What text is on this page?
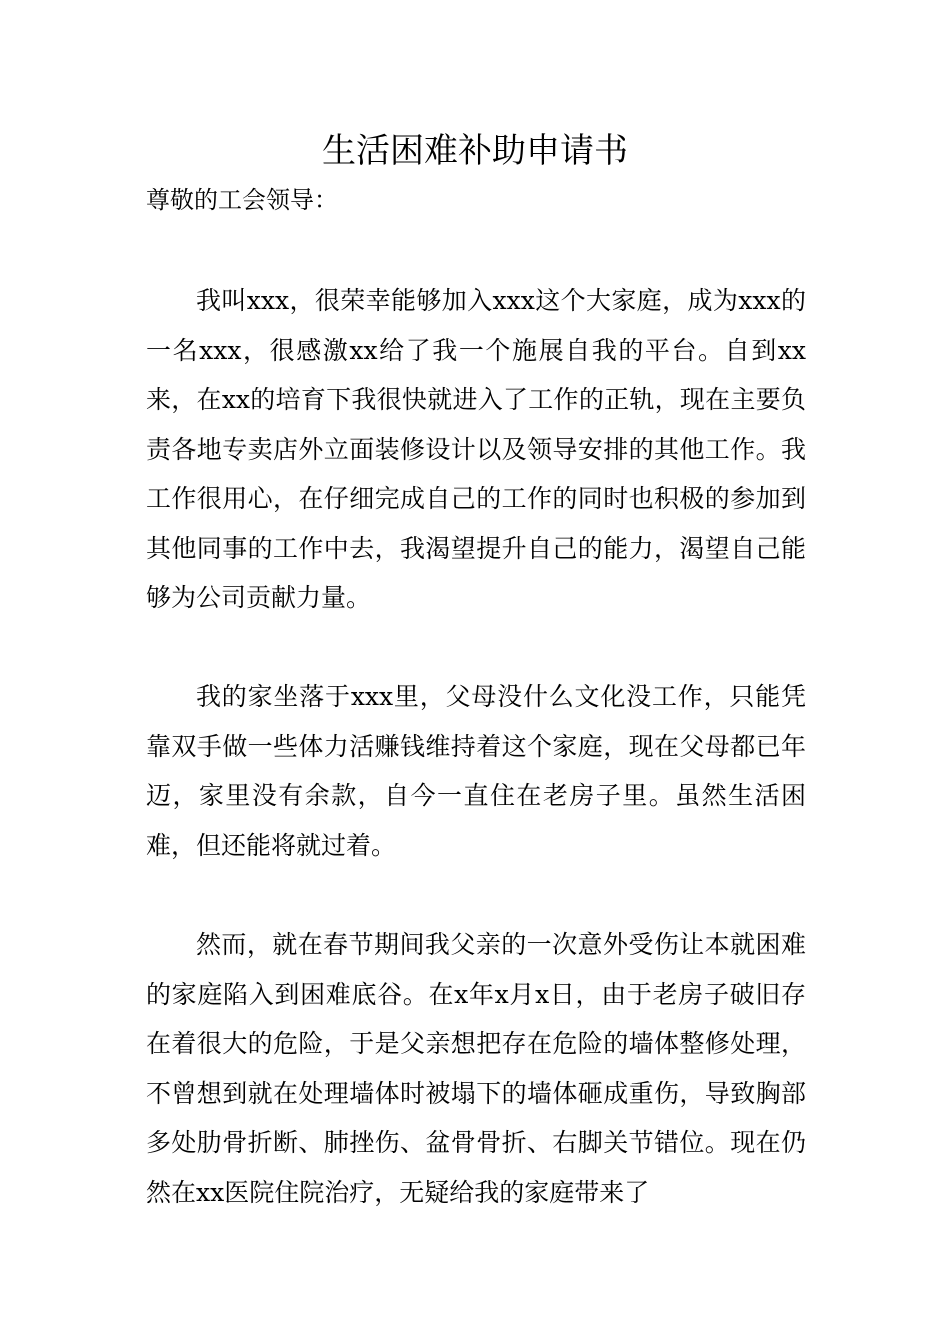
生活困难补助申请书
尊敬的工会领导：

我叫xxx，很荣幸能够加入xxx这个大家庭，成为xxx的一名xxx，很感激xx给了我一个施展自我的平台。自到xx来，在xx的培育下我很快就进入了工作的正轨，现在主要负责各地专卖店外立面装修设计以及领导安排的其他工作。我工作很用心，在仔细完成自己的工作的同时也积极的参加到其他同事的工作中去，我渴望提升自己的能力，渴望自己能够为公司贡献力量。

我的家坐落于xxx里，父母没什么文化没工作，只能凭靠双手做一些体力活赚钱维持着这个家庭，现在父母都已年迈，家里没有余款，自今一直住在老房子里。虽然生活困难，但还能将就过着。

然而，就在春节期间我父亲的一次意外受伤让本就困难的家庭陷入到困难底谷。在x年x月x日，由于老房子破旧存在着很大的危险，于是父亲想把存在危险的墙体整修处理，不曾想到就在处理墙体时被塌下的墙体砸成重伤，导致胸部多处肋骨折断、肺挫伤、盆骨骨折、右脚关节错位。现在仍然在xx医院住院治疗，无疑给我的家庭带来了
